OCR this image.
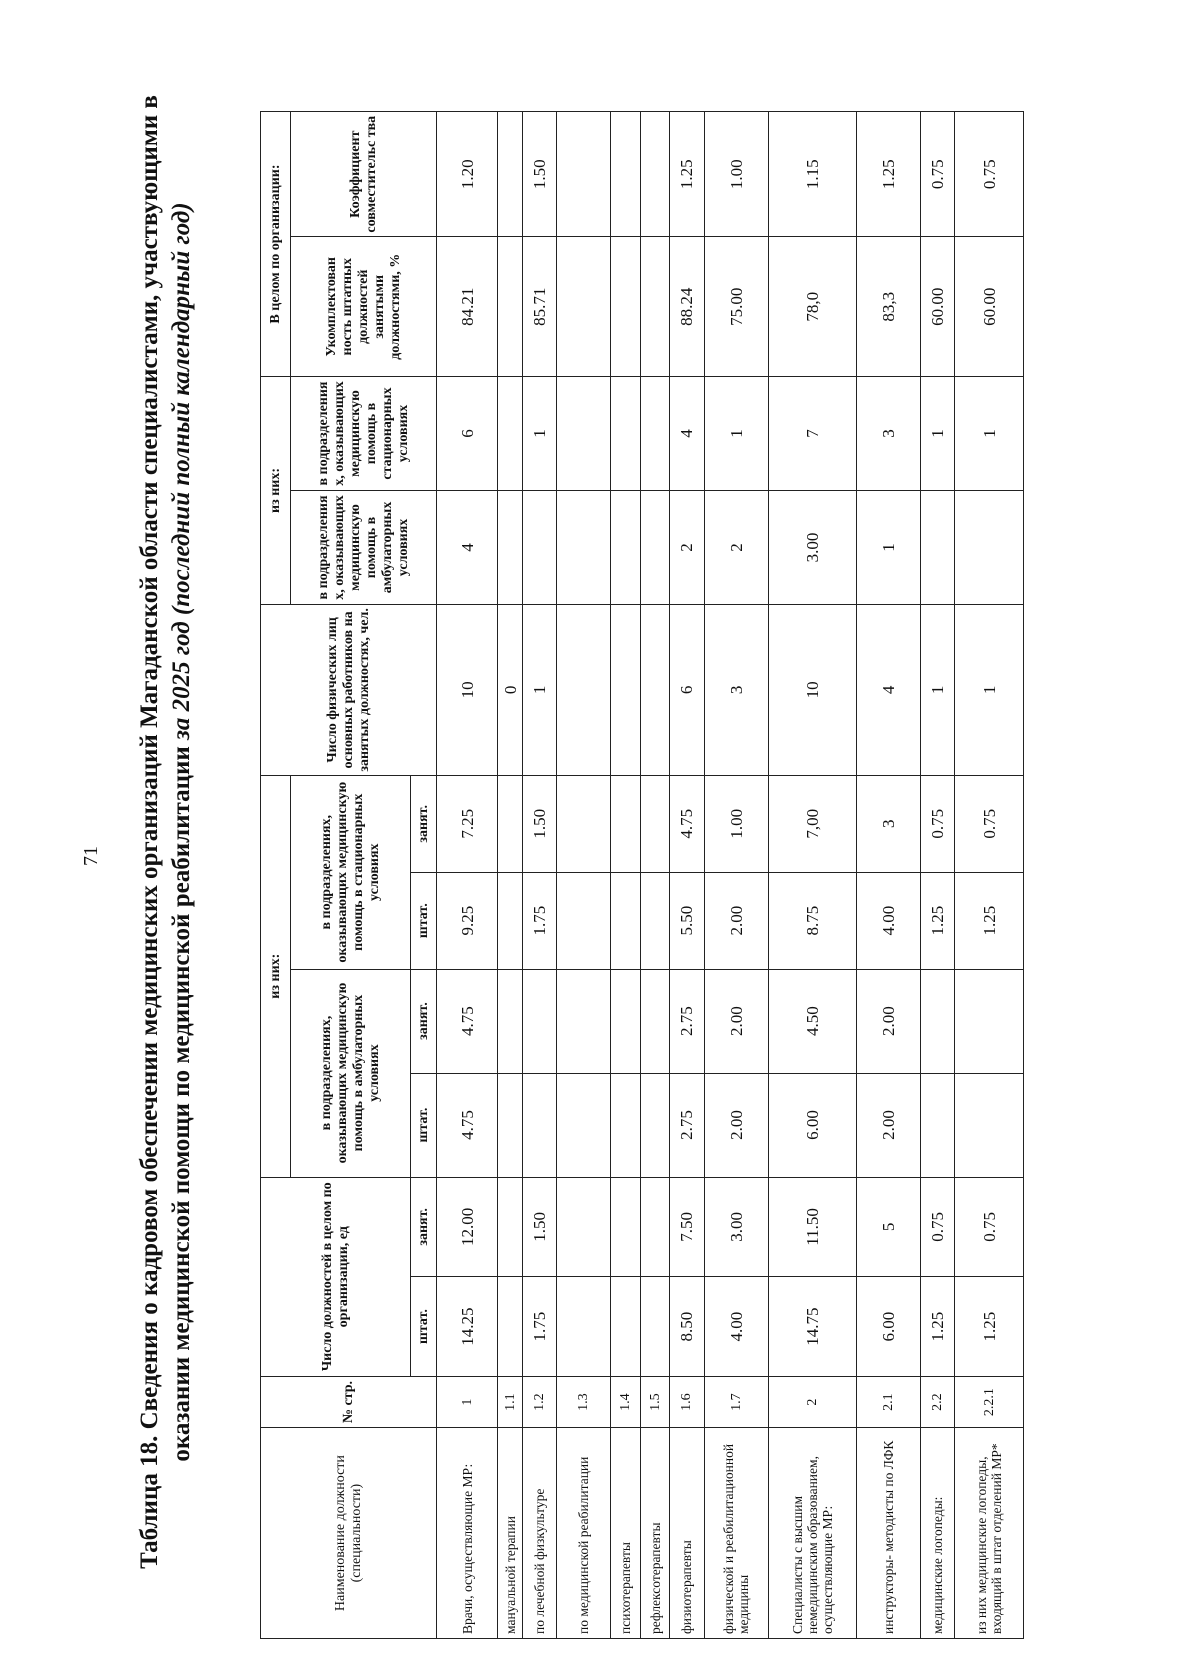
71
Таблица 18. Сведения о кадровом обеспечении медицинских организаций Магаданской области специалистами, участвующими в оказании медицинской помощи по медицинской реабилитации за 2025 год (последний полный календарный год)
Наименование должности (специальности)	№ стр.	Число должностей в целом по организации, ед		из них:				Число физических лиц основных работников на занятых должностях, чел.	из них:		В целом по организации:	
				в подразделениях, оказывающих медицинскую помощь в амбулаторных условиях		в подразделениях, оказывающих медицинскую помощь в стационарных условиях			в подразделения х, оказывающих медицинскую помощь в амбулаторных условиях	в подразделения х, оказывающих медицинскую помощь в стационарных условиях	Укомплектован ность штатных должностей занятыми должностями, %	Коэффициент совместительс тва
		штат.	занят.	штат.	занят.	штат.	занят.					
Врачи, осуществляющие МР:	1	14.25	12.00	4.75	4.75	9.25	7.25	10	4	6	84.21	1.20
мануальной терапии	1.1							0				
по лечебной физкультуре	1.2	1.75	1.50			1.75	1.50	1		1	85.71	1.50
по медицинской реабилитации	1.3											
психотерапевты	1.4											
рефлексотерапевты	1.5											
физиотерапевты	1.6	8.50	7.50	2.75	2.75	5.50	4.75	6	2	4	88.24	1.25
физической и реабилитационной медицины	1.7	4.00	3.00	2.00	2.00	2.00	1.00	3	2	1	75.00	1.00
Специалисты с высшим немедицинским образованием, осуществляющие МР:	2	14.75	11.50	6.00	4.50	8.75	7,00	10	3.00	7	78,0	1.15
инструкторы- методисты по ЛФК	2.1	6.00	5	2.00	2.00	4.00	3	4	1	3	83,3	1.25
медицинские логопеды:	2.2	1.25	0.75			1.25	0.75	1		1	60.00	0.75
из них медицинские логопеды, входящий в штат отделений МР*	2.2.1	1.25	0.75			1.25	0.75	1		1	60.00	0.75
